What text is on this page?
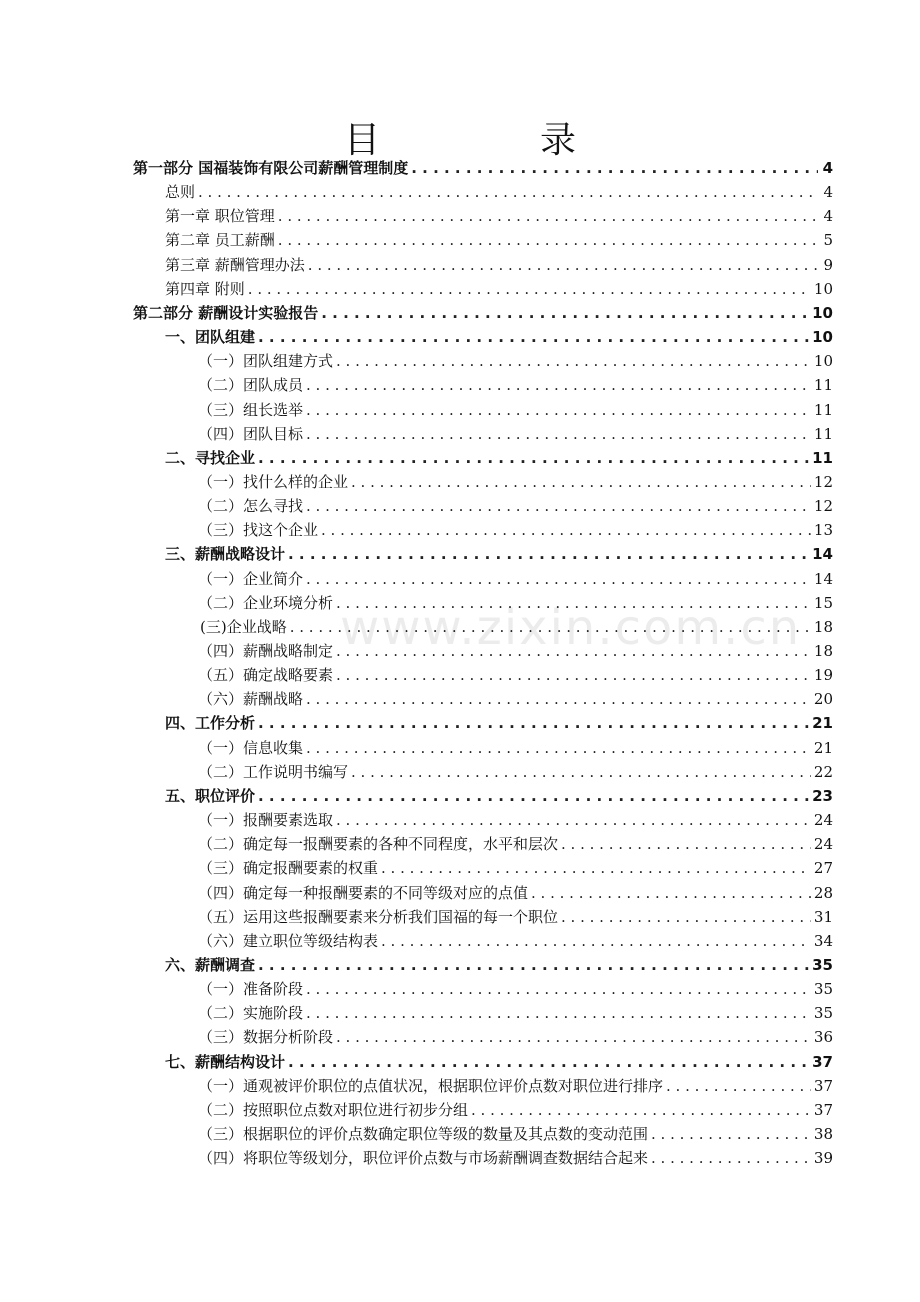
目　录
www.zixin.com.cn
第一部分 国福装饰有限公司薪酬管理制度 . . .	4
总则 . . .	4
第一章 职位管理 . . .	4
第二章 员工薪酬 . . .	5
第三章 薪酬管理办法 . . .	9
第四章 附则 . . .	10
第二部分 薪酬设计实验报告 . . .	10
一、团队组建 . . .	10
（一）团队组建方式 . . .	10
（二）团队成员 . . .	11
（三）组长选举 . . .	11
（四）团队目标 . . .	11
二、寻找企业 . . .	11
（一）找什么样的企业 . . .	12
（二）怎么寻找 . . .	12
（三）找这个企业 . . .	13
三、薪酬战略设计 . . .	14
（一）企业简介 . . .	14
（二）企业环境分析 . . .	15
(三)企业战略 . . .	18
（四）薪酬战略制定 . . .	18
（五）确定战略要素 . . .	19
（六）薪酬战略 . . .	20
四、工作分析 . . .	21
（一）信息收集 . . .	21
（二）工作说明书编写 . . .	22
五、职位评价 . . .	23
（一）报酬要素选取 . . .	24
（二）确定每一报酬要素的各种不同程度，水平和层次 . . .	24
（三）确定报酬要素的权重 . . .	27
（四）确定每一种报酬要素的不同等级对应的点值 . . .	28
（五）运用这些报酬要素来分析我们国福的每一个职位 . . .	31
（六）建立职位等级结构表 . . .	34
六、薪酬调查 . . .	35
（一）准备阶段 . . .	35
（二）实施阶段 . . .	35
（三）数据分析阶段 . . .	36
七、薪酬结构设计 . . .	37
（一）通观被评价职位的点值状况，根据职位评价点数对职位进行排序 . . .	37
（二）按照职位点数对职位进行初步分组 . . .	37
（三）根据职位的评价点数确定职位等级的数量及其点数的变动范围 . . .	38
（四）将职位等级划分，职位评价点数与市场薪酬调查数据结合起来 . . .	39
